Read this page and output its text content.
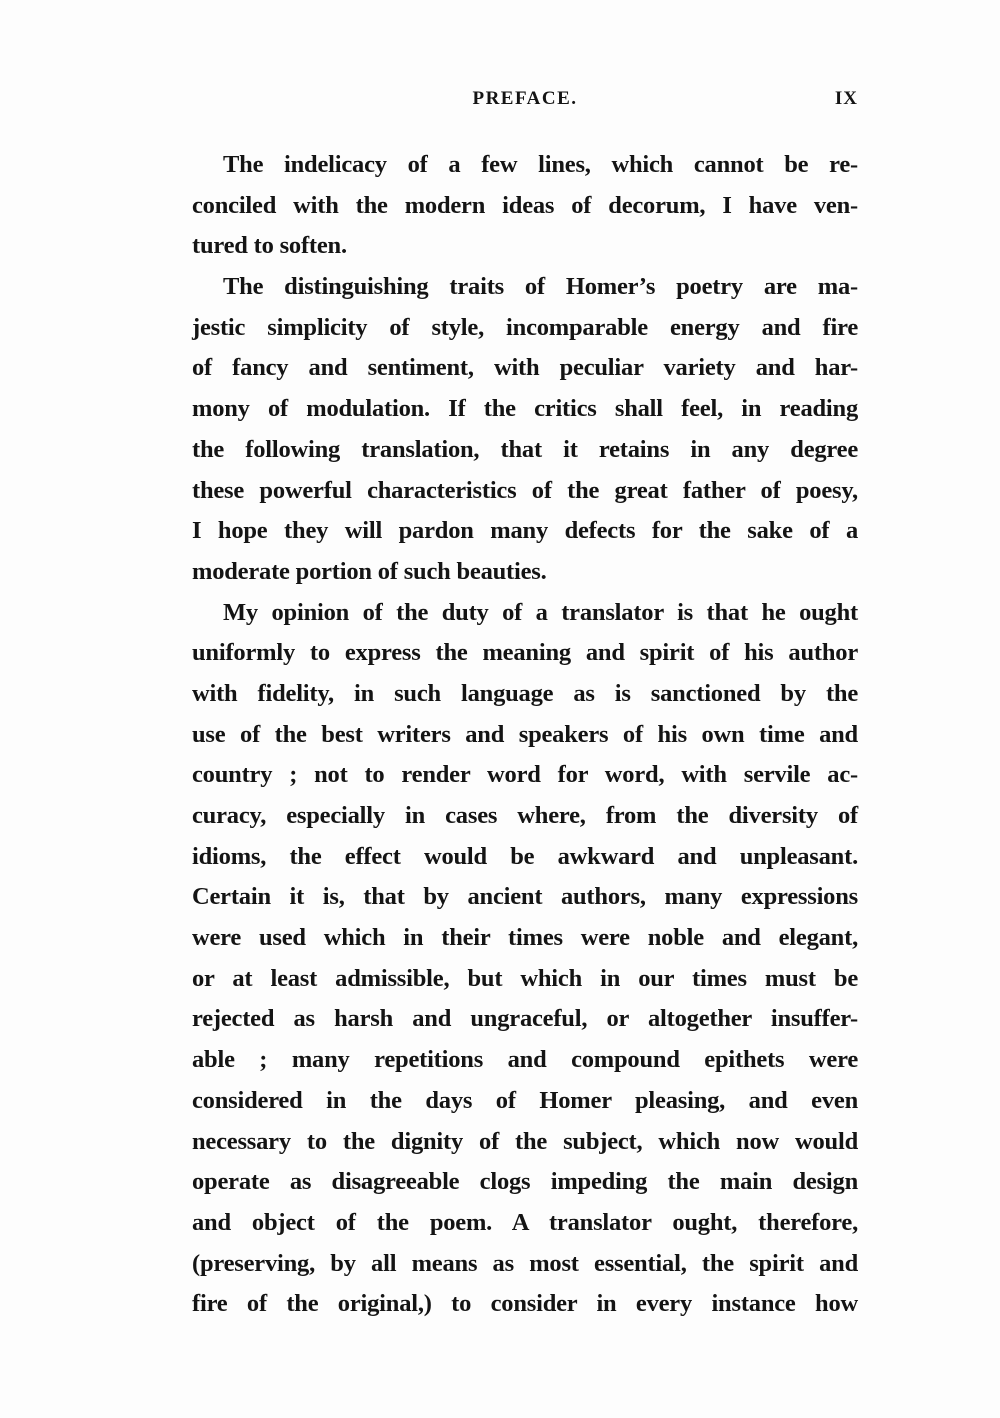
PREFACE.	IX
The indelicacy of a few lines, which cannot be re-
conciled with the modern ideas of decorum, I have ven-
tured to soften.
The distinguishing traits of Homer’s poetry are ma-
jestic simplicity of style, incomparable energy and fire
of fancy and sentiment, with peculiar variety and har-
mony of modulation. If the critics shall feel, in reading
the following translation, that it retains in any degree
these powerful characteristics of the great father of poesy,
I hope they will pardon many defects for the sake of a
moderate portion of such beauties.
My opinion of the duty of a translator is that he ought
uniformly to express the meaning and spirit of his author
with fidelity, in such language as is sanctioned by the
use of the best writers and speakers of his own time and
country ; not to render word for word, with servile ac-
curacy, especially in cases where, from the diversity of
idioms, the effect would be awkward and unpleasant.
Certain it is, that by ancient authors, many expressions
were used which in their times were noble and elegant,
or at least admissible, but which in our times must be
rejected as harsh and ungraceful, or altogether insuffer-
able ; many repetitions and compound epithets were
considered in the days of Homer pleasing, and even
necessary to the dignity of the subject, which now would
operate as disagreeable clogs impeding the main design
and object of the poem. A translator ought, therefore,
(preserving, by all means as most essential, the spirit and
fire of the original,) to consider in every instance how
